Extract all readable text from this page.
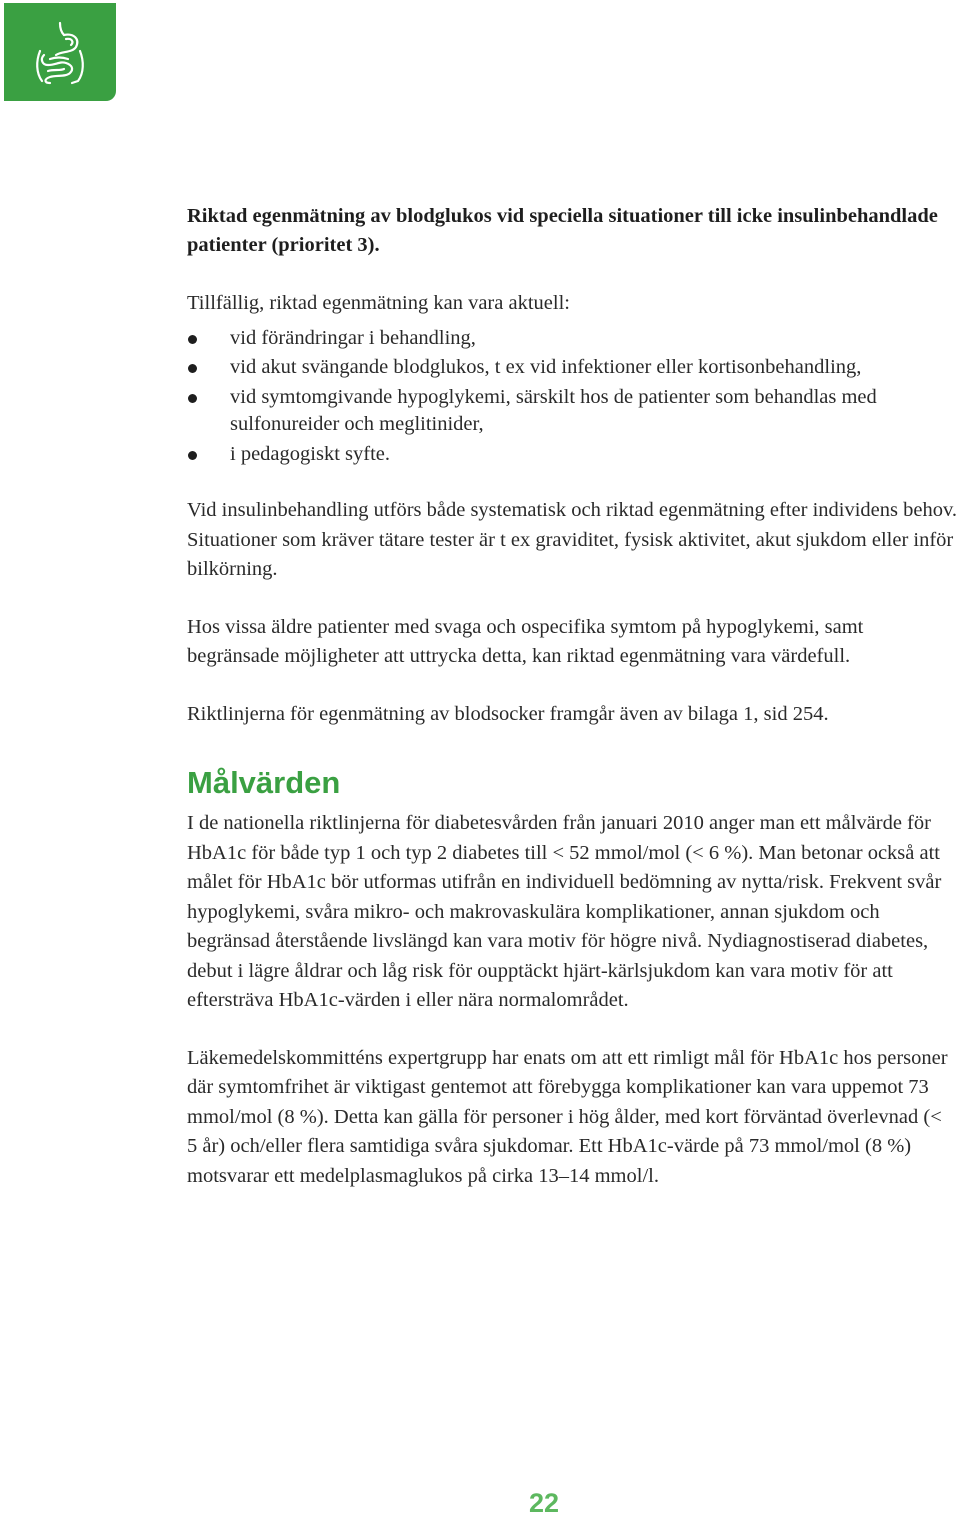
Riktad egenmätning av blodglukos vid speciella situationer till icke insulinbehandlade patienter (prioritet 3).

Tillfällig, riktad egenmätning kan vara aktuell:

vid förändringar i behandling,
vid akut svängande blodglukos, t ex vid infektioner eller kortisonbehandling,
vid symtomgivande hypoglykemi, särskilt hos de patienter som behandlas med sulfonureider och meglitinider,
i pedagogiskt syfte.

Vid insulinbehandling utförs både systematisk och riktad egenmätning efter individens behov. Situationer som kräver tätare tester är t ex graviditet, fysisk aktivitet, akut sjukdom eller inför bilkörning.

Hos vissa äldre patienter med svaga och ospecifika symtom på hypoglykemi, samt begränsade möjligheter att uttrycka detta, kan riktad egenmätning vara värdefull.

Riktlinjerna för egenmätning av blodsocker framgår även av bilaga 1, sid 254.

Målvärden

I de nationella riktlinjerna för diabetesvården från januari 2010 anger man ett målvärde för HbA1c för både typ 1 och typ 2 diabetes till < 52 mmol/mol (< 6 %). Man betonar också att målet för HbA1c bör utformas utifrån en individuell bedömning av nytta/risk. Frekvent svår hypoglykemi, svåra mikro- och makrovaskulära komplikationer, annan sjukdom och begränsad återstående livslängd kan vara motiv för högre nivå. Nydiagnostiserad diabetes, debut i lägre åldrar och låg risk för oupptäckt hjärt-kärlsjukdom kan vara motiv för att eftersträva HbA1c-värden i eller nära normalområdet.

Läkemedelskommitténs expertgrupp har enats om att ett rimligt mål för HbA1c hos personer där symtomfrihet är viktigast gentemot att förebygga komplikationer kan vara uppemot 73 mmol/mol (8 %). Detta kan gälla för personer i hög ålder, med kort förväntad överlevnad (< 5 år) och/eller flera samtidiga svåra sjukdomar. Ett HbA1c-värde på 73 mmol/mol (8 %) motsvarar ett medelplasmaglukos på cirka 13–14 mmol/l.

22
